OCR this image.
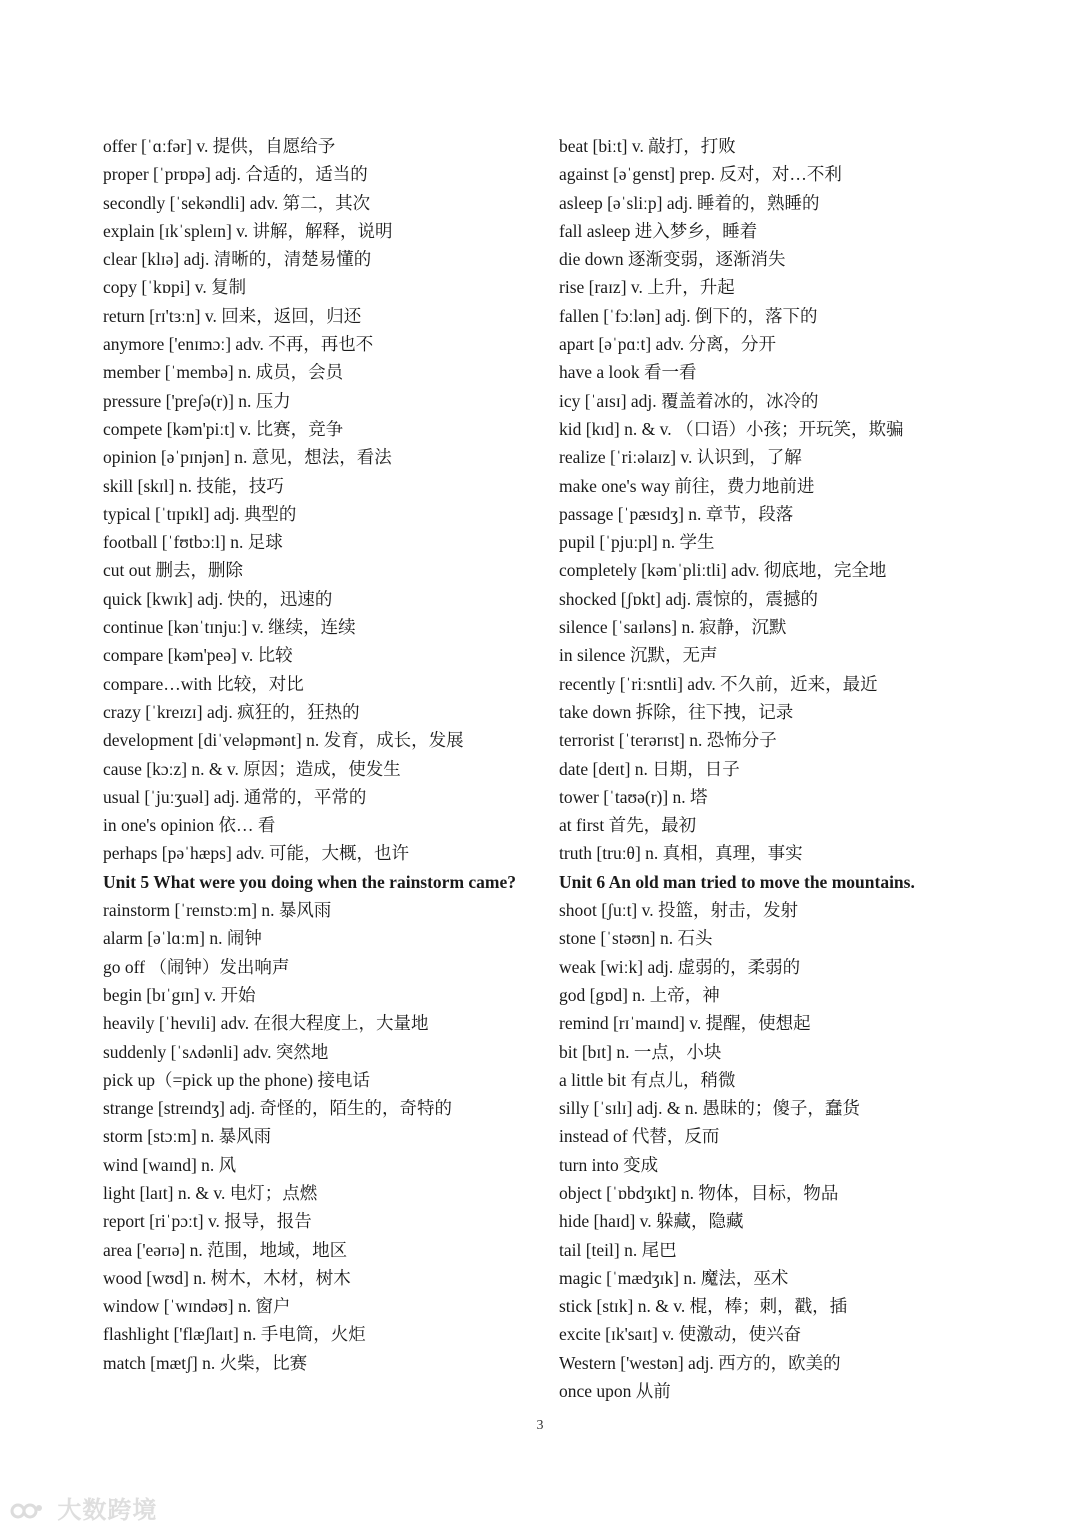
offer [ˈɑːfər] v. 提供，自愿给予
proper [ˈprɒpə] adj. 合适的，适当的
secondly [ˈsekəndli] adv. 第二，其次
explain [ɪkˈspleɪn] v. 讲解，解释，说明
clear [klɪə] adj. 清晰的，清楚易懂的
copy [ˈkɒpi] v. 复制
return [rɪ'tɜːn] v. 回来，返回，归还
anymore ['enɪmɔː] adv. 不再，再也不
member [ˈmembə] n. 成员，会员
pressure ['preʃə(r)] n. 压力
compete [kəm'piːt] v. 比赛，竞争
opinion [əˈpɪnjən] n. 意见，想法，看法
skill [skɪl] n. 技能，技巧
typical [ˈtɪpɪkl] adj. 典型的
football [ˈfʊtbɔːl] n. 足球
cut out 删去，删除
quick [kwɪk] adj. 快的，迅速的
continue [kənˈtɪnjuː] v. 继续，连续
compare [kəm'peə] v. 比较
compare…with 比较，对比
crazy [ˈkreɪzɪ] adj. 疯狂的，狂热的
development [diˈveləpmənt] n. 发育，成长，发展
cause [kɔːz] n. & v. 原因；造成，使发生
usual [ˈjuːʒuəl] adj. 通常的，平常的
in one's opinion 依… 看
perhaps [pəˈhæps] adv. 可能，大概，也许
Unit 5 What were you doing when the rainstorm came?
rainstorm [ˈreɪnstɔːm] n. 暴风雨
alarm [əˈlɑːm] n. 闹钟
go off （闹钟）发出响声
begin [bɪˈgɪn] v. 开始
heavily [ˈhevɪli] adv. 在很大程度上，大量地
suddenly [ˈsʌdənli] adv. 突然地
pick up（=pick up the phone) 接电话
strange [streɪndʒ] adj. 奇怪的，陌生的，奇特的
storm [stɔːm] n. 暴风雨
wind [waɪnd] n. 风
light [laɪt] n. & v. 电灯；点燃
report [riˈpɔːt] v. 报导，报告
area ['eərɪə] n. 范围，地域，地区
wood [wʊd] n. 树木，木材，树木
window [ˈwɪndəʊ] n. 窗户
flashlight ['flæʃlaɪt] n. 手电筒，火炬
match [mætʃ] n. 火柴，比赛
beat [biːt] v. 敲打，打败
against [əˈgenst] prep. 反对，对…不利
asleep [əˈsliːp] adj. 睡着的，熟睡的
fall asleep 进入梦乡，睡着
die down 逐渐变弱，逐渐消失
rise [raɪz] v. 上升，升起
fallen [ˈfɔːlən] adj. 倒下的，落下的
apart [əˈpɑːt] adv. 分离，分开
have a look 看一看
icy [ˈaɪsɪ] adj. 覆盖着冰的，冰冷的
kid [kɪd] n. & v. （口语）小孩；开玩笑，欺骗
realize [ˈriːəlaɪz] v. 认识到，了解
make one's way 前往，费力地前进
passage [ˈpæsɪdʒ] n. 章节，段落
pupil [ˈpjuːpl] n. 学生
completely [kəmˈpliːtli] adv. 彻底地，完全地
shocked [ʃɒkt] adj. 震惊的，震撼的
silence [ˈsaɪləns] n. 寂静，沉默
in silence 沉默，无声
recently [ˈriːsntli] adv. 不久前，近来，最近
take down 拆除，往下拽，记录
terrorist [ˈterərɪst] n. 恐怖分子
date [deɪt] n. 日期，日子
tower [ˈtaʊə(r)] n. 塔
at first 首先，最初
truth [truːθ] n. 真相，真理，事实
Unit 6 An old man tried to move the mountains.
shoot [ʃuːt] v. 投篮，射击，发射
stone [ˈstəʊn] n. 石头
weak [wiːk] adj. 虚弱的，柔弱的
god [gɒd] n. 上帝，神
remind [rɪˈmaɪnd] v. 提醒，使想起
bit [bɪt] n. 一点，小块
a little bit 有点儿，稍微
silly [ˈsɪlɪ] adj. & n. 愚昧的；傻子，蠢货
instead of 代替，反而
turn into 变成
object [ˈɒbdʒɪkt] n. 物体，目标，物品
hide [haɪd] v. 躲藏，隐藏
tail [teil] n. 尾巴
magic [ˈmædʒɪk] n. 魔法，巫术
stick [stɪk] n. & v. 棍，棒；刺，戳，插
excite [ɪk'saɪt] v. 使激动，使兴奋
Western ['westən] adj. 西方的，欧美的
once upon 从前
3
大数跨境
